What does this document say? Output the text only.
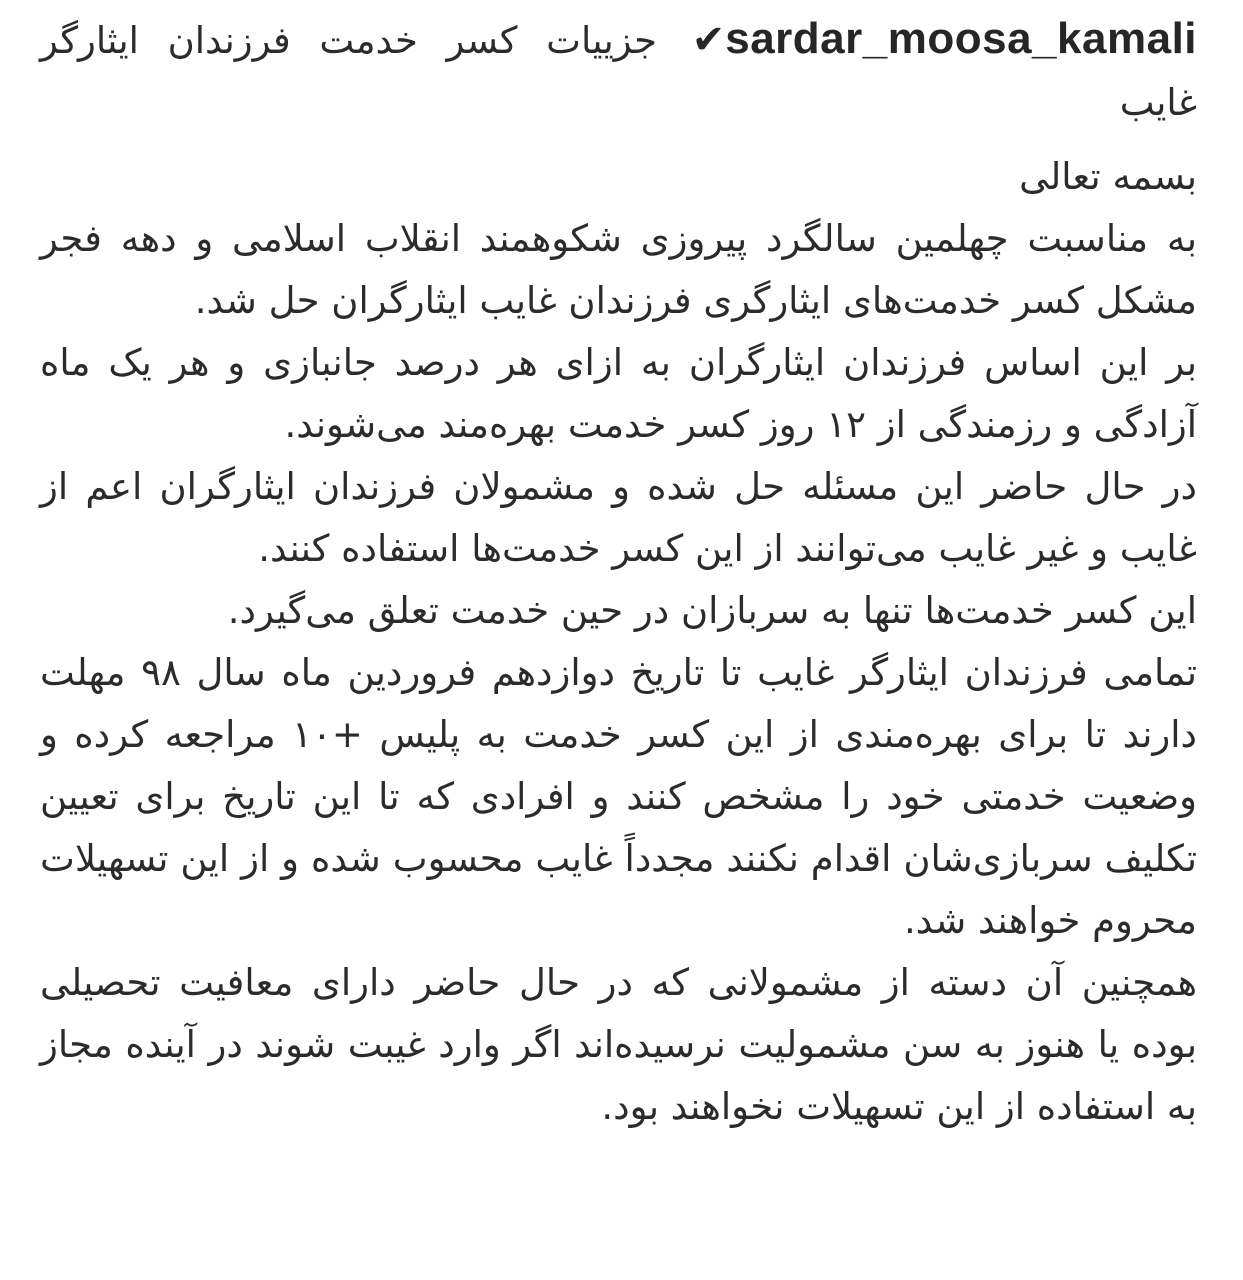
sardar_moosa_kamali✔ جزییات کسر خدمت فرزندان ایثارگر غایب

بسمه تعالی

به مناسبت چهلمین سالگرد پیروزی شکوهمند انقلاب اسلامی و دهه فجر مشکل کسر خدمت‌های ایثارگری فرزندان غایب ایثارگران حل شد.

بر این اساس فرزندان ایثارگران به ازای هر درصد جانبازی و هر یک ماه آزادگی و رزمندگی از ۱۲ روز کسر خدمت بهره‌مند می‌شوند.

در حال حاضر این مسئله حل شده و مشمولان فرزندان ایثارگران اعم از غایب و غیر غایب می‌توانند از این کسر خدمت‌ها استفاده کنند.

این کسر خدمت‌ها تنها به سربازان در حین خدمت تعلق می‌گیرد.

تمامی فرزندان ایثارگر غایب تا تاریخ دوازدهم فروردین ماه سال ۹۸ مهلت دارند تا برای بهره‌مندی از این کسر خدمت به پلیس +۱۰ مراجعه کرده و وضعیت خدمتی خود را مشخص کنند و افرادی که تا این تاریخ برای تعیین تکلیف سربازی‌شان اقدام نکنند مجدداً غایب محسوب شده و از این تسهیلات محروم خواهند شد.

همچنین آن دسته از مشمولانی که در حال حاضر دارای معافیت تحصیلی بوده یا هنوز به سن مشمولیت نرسیده‌اند اگر وارد غیبت شوند در آینده مجاز به استفاده از این تسهیلات نخواهند بود.
